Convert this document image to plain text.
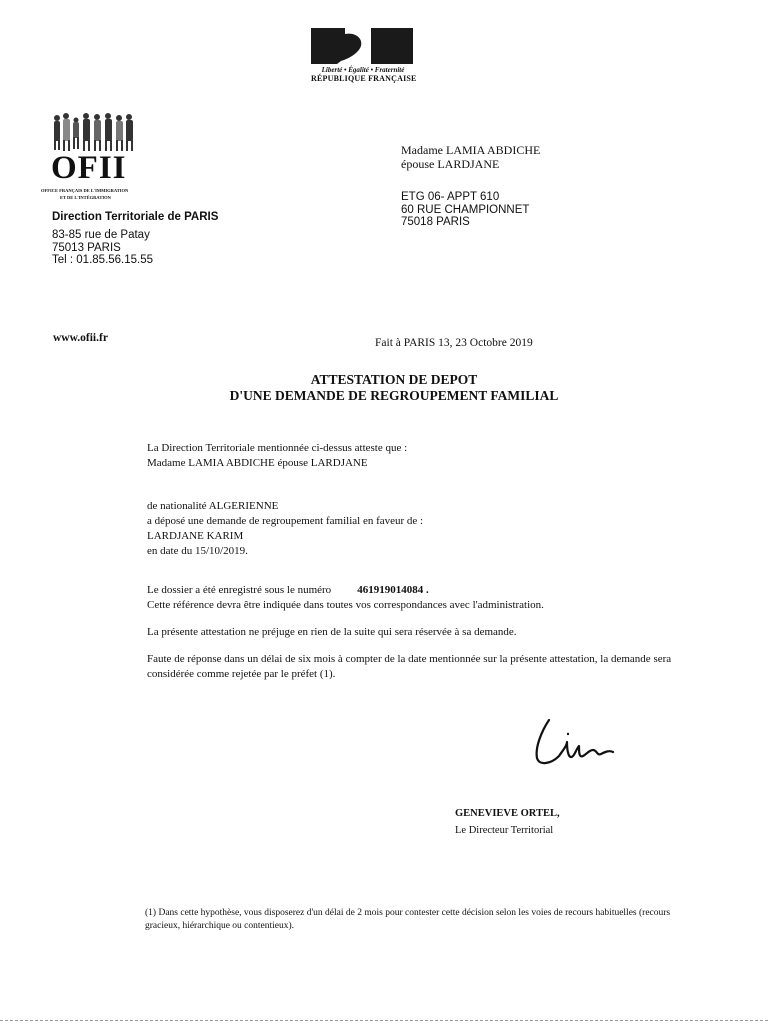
Liberté • Égalité • Fraternité
RÉPUBLIQUE FRANÇAISE
OFII
OFFICE FRANÇAIS DE L'IMMIGRATION
ET DE L'INTÉGRATION
Direction Territoriale de PARIS
83-85 rue de Patay
75013 PARIS
Tel : 01.85.56.15.55
Madame LAMIA ABDICHE
épouse LARDJANE
ETG 06- APPT 610
60 RUE CHAMPIONNET
75018 PARIS
www.ofii.fr	Fait à PARIS 13, 23 Octobre 2019
ATTESTATION DE DEPOT
D'UNE DEMANDE DE REGROUPEMENT FAMILIAL
La Direction Territoriale mentionnée ci-dessus atteste que :
Madame LAMIA ABDICHE épouse LARDJANE
de nationalité ALGERIENNE
a déposé une demande de regroupement familial en faveur de :
LARDJANE KARIM
en date du 15/10/2019.
Le dossier a été enregistré sous le numéro 461919014084 .
Cette référence devra être indiquée dans toutes vos correspondances avec l'administration.
La présente attestation ne préjuge en rien de la suite qui sera réservée à sa demande.
Faute de réponse dans un délai de six mois à compter de la date mentionnée sur la présente attestation, la demande sera considérée comme rejetée par le préfet (1).
GENEVIEVE ORTEL,
Le Directeur Territorial
(1) Dans cette hypothèse, vous disposerez d'un délai de 2 mois pour contester cette décision selon les voies de recours habituelles (recours gracieux, hiérarchique ou contentieux).
